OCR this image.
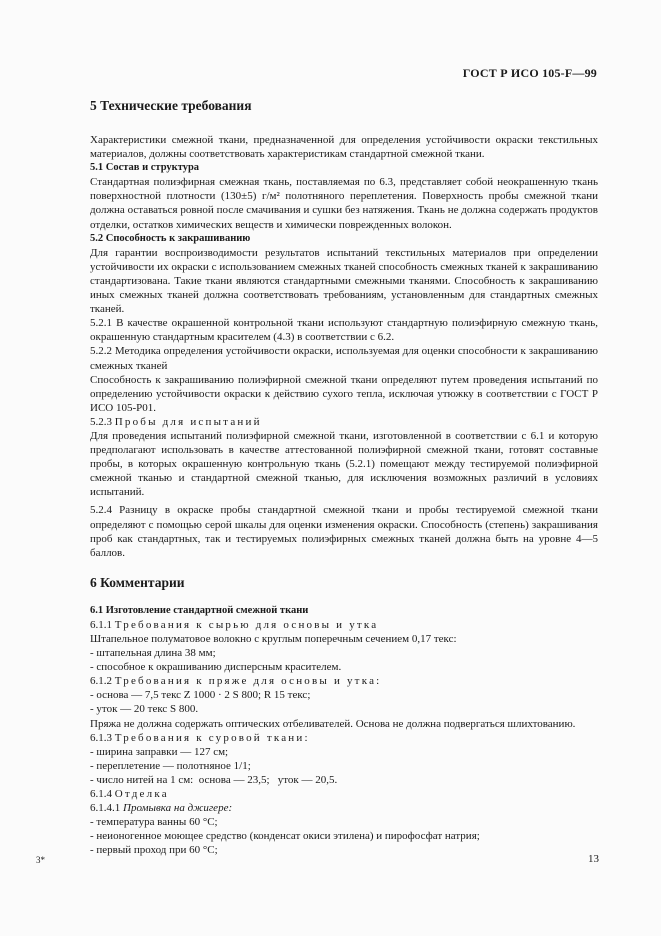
ГОСТ Р ИСО 105-F—99
5 Технические требования

Характеристики смежной ткани, предназначенной для определения устойчивости окраски текстильных материалов, должны соответствовать характеристикам стандартной смежной ткани.

5.1 Состав и структура

Стандартная полиэфирная смежная ткань, поставляемая по 6.3, представляет собой неокрашенную ткань поверхностной плотности (130±5) г/м² полотняного переплетения. Поверхность пробы смежной ткани должна оставаться ровной после смачивания и сушки без натяжения. Ткань не должна содержать продуктов отделки, остатков химических веществ и химически поврежденных волокон.

5.2 Способность к закрашиванию

Для гарантии воспроизводимости результатов испытаний текстильных материалов при определении устойчивости их окраски с использованием смежных тканей способность смежных тканей к закрашиванию стандартизована. Такие ткани являются стандартными смежными тканями. Способность к закрашиванию иных смежных тканей должна соответствовать требованиям, установленным для стандартных смежных тканей.

5.2.1 В качестве окрашенной контрольной ткани используют стандартную полиэфирную смежную ткань, окрашенную стандартным красителем (4.3) в соответствии с 6.2.

5.2.2 Методика определения устойчивости окраски, используемая для оценки способности к закрашиванию смежных тканей

Способность к закрашиванию полиэфирной смежной ткани определяют путем проведения испытаний по определению устойчивости окраски к действию сухого тепла, исключая утюжку в соответствии с ГОСТ Р ИСО 105-Р01.

5.2.3 Пробы для испытаний

Для проведения испытаний полиэфирной смежной ткани, изготовленной в соответствии с 6.1 и которую предполагают использовать в качестве аттестованной полиэфирной смежной ткани, готовят составные пробы, в которых окрашенную контрольную ткань (5.2.1) помещают между тестируемой полиэфирной смежной тканью и стандартной смежной тканью, для исключения возможных различий в условиях испытаний.

5.2.4 Разницу в окраске пробы стандартной смежной ткани и пробы тестируемой смежной ткани определяют с помощью серой шкалы для оценки изменения окраски. Способность (степень) закрашивания проб как стандартных, так и тестируемых полиэфирных смежных тканей должна быть на уровне 4—5 баллов.

6 Комментарии
6.1 Изготовление стандартной смежной ткани

6.1.1 Требования к сырью для основы и утка

Штапельное полуматовое волокно с круглым поперечным сечением 0,17 текс:

- штапельная длина 38 мм;

- способное к окрашиванию дисперсным красителем.

6.1.2 Требования к пряже для основы и утка:

- основа — 7,5 текс Z 1000 · 2 S 800; R 15 текс;

- уток — 20 текс S 800.

Пряжа не должна содержать оптических отбеливателей. Основа не должна подвергаться шлихтованию.

6.1.3 Требования к суровой ткани:

- ширина заправки — 127 см;

- переплетение — полотняное 1/1;

- число нитей на 1 см:  основа — 23,5;   уток — 20,5.

6.1.4 Отделка

6.1.4.1 Промывка на джигере:

- температура ванны 60 °С;

- неионогенное моющее средство (конденсат окиси этилена) и пирофосфат натрия;

- первый проход при 60 °С;

3*	13
